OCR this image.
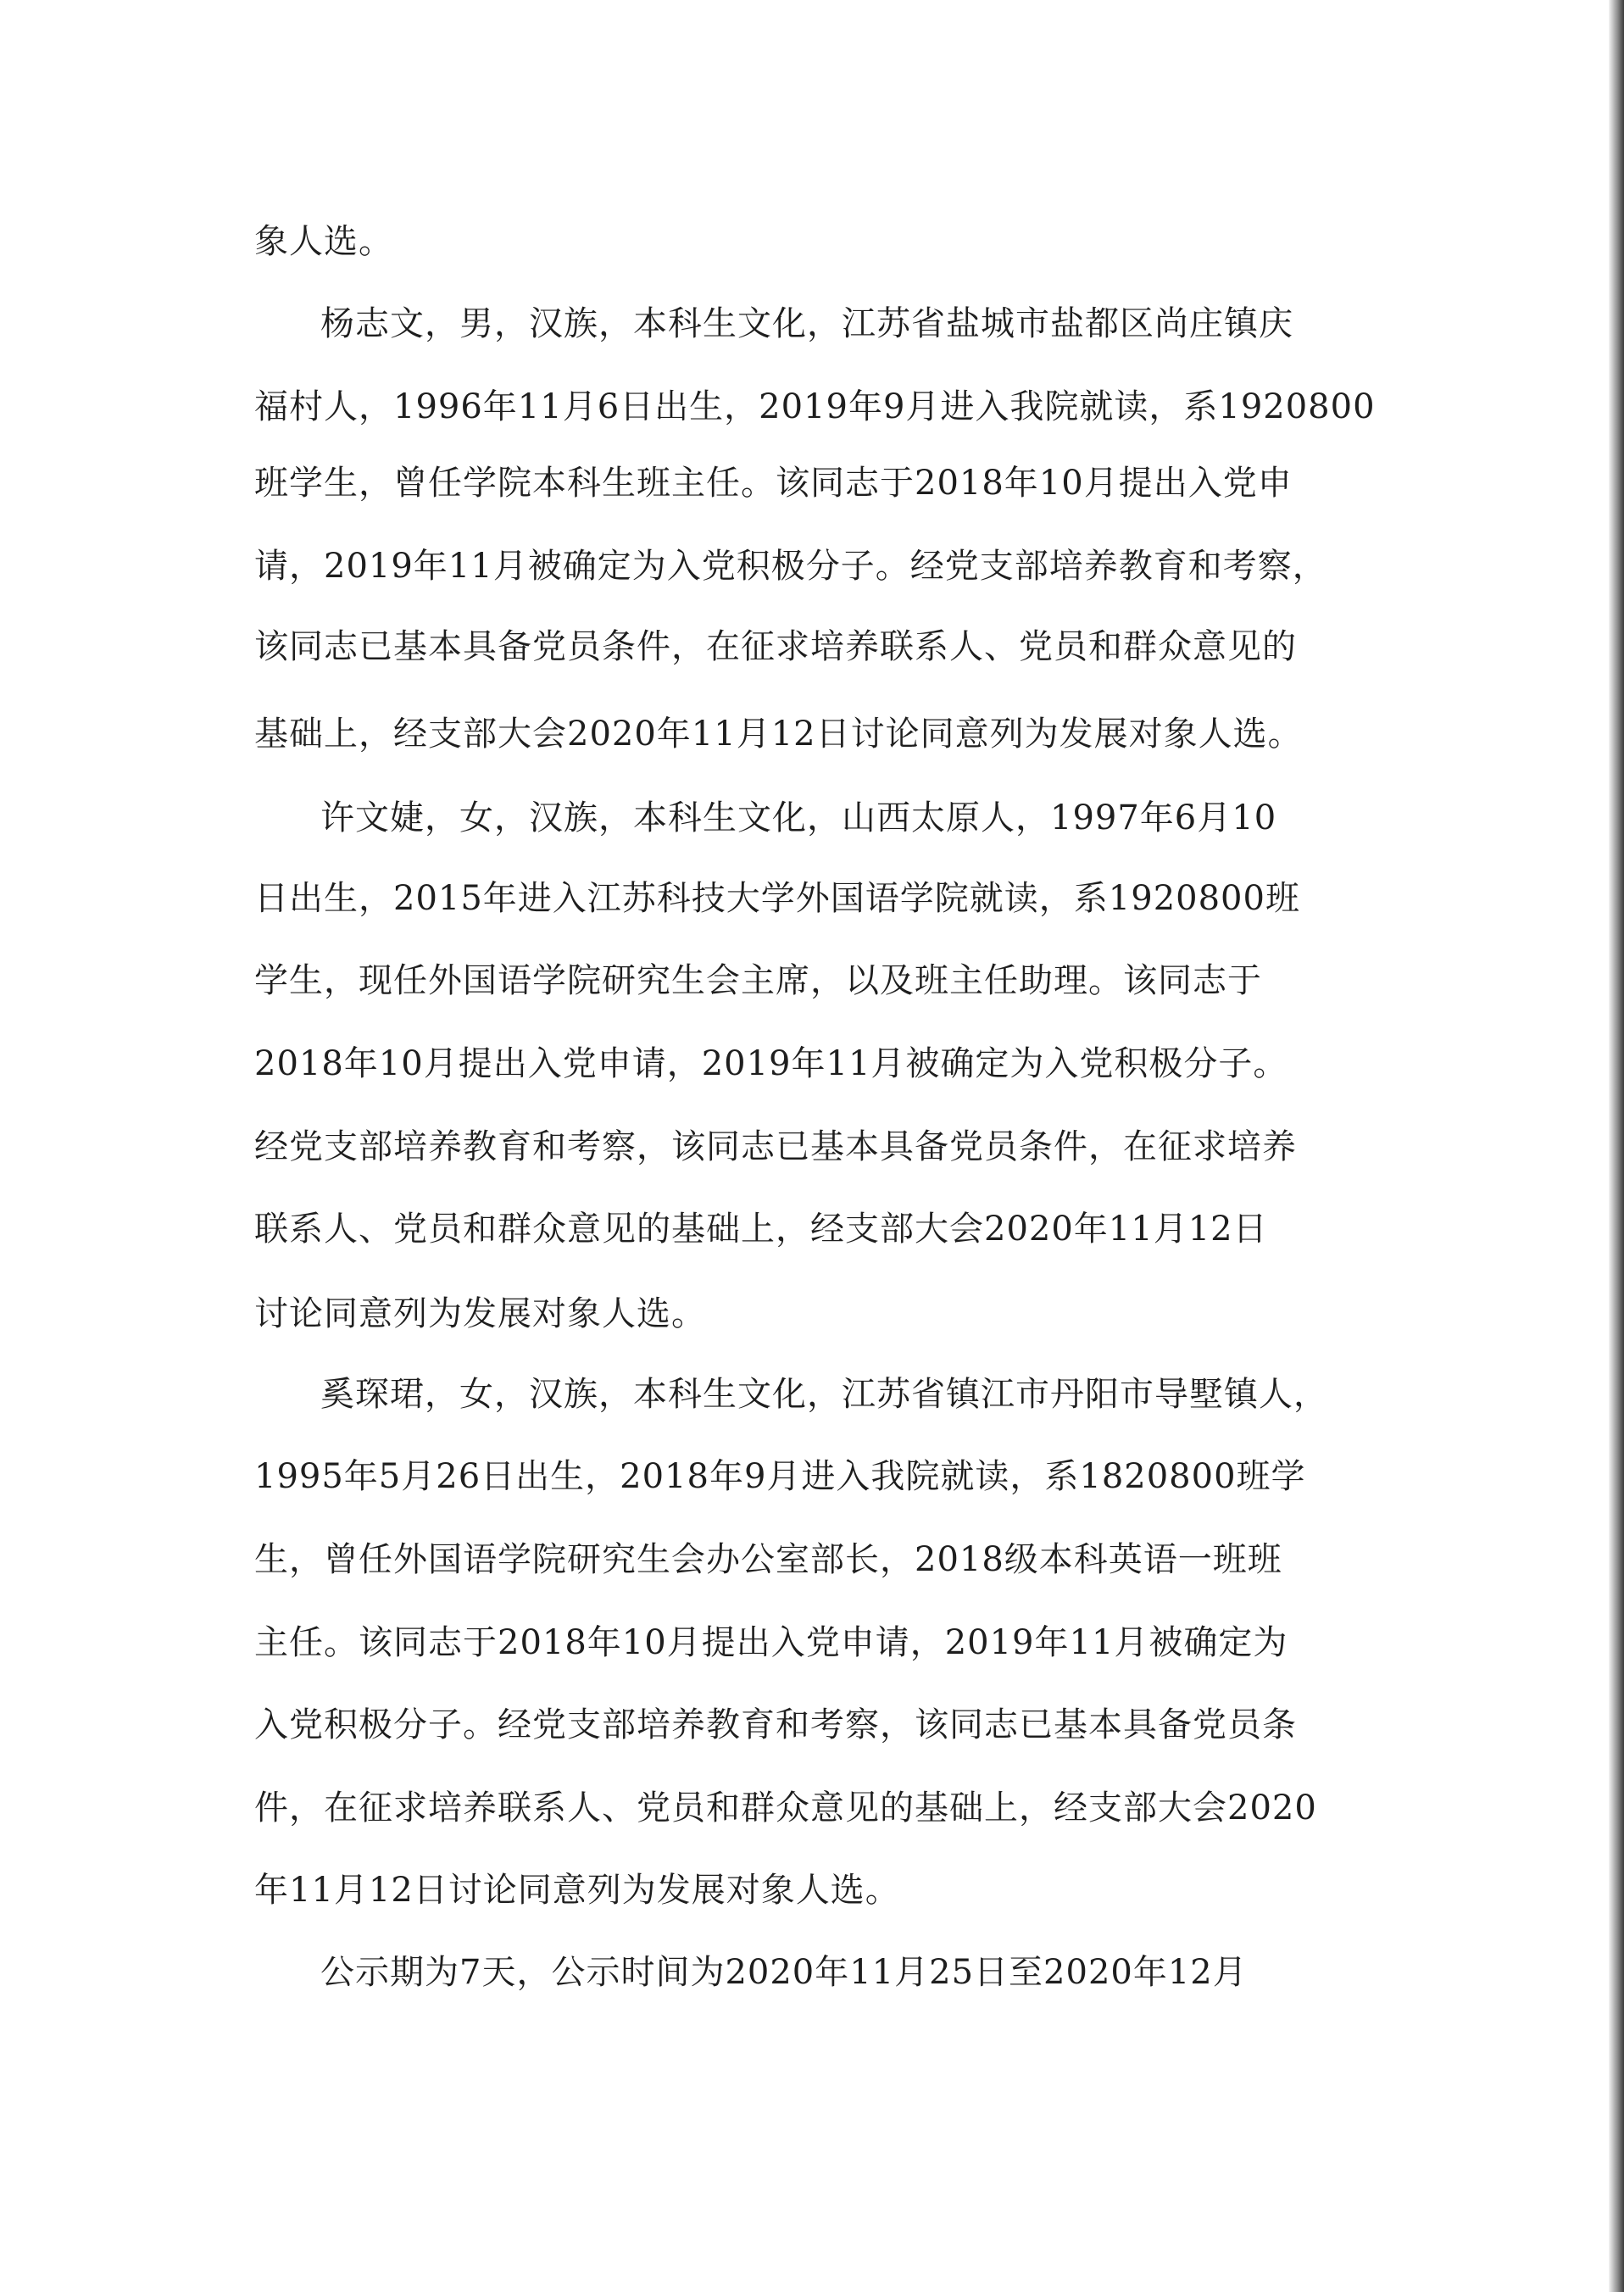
象人选。

杨志文，男，汉族，本科生文化，江苏省盐城市盐都区尚庄镇庆

福村人，1996年11月6日出生，2019年9月进入我院就读，系1920800

班学生，曾任学院本科生班主任。该同志于2018年10月提出入党申

请，2019年11月被确定为入党积极分子。经党支部培养教育和考察，

该同志已基本具备党员条件，在征求培养联系人、党员和群众意见的

基础上，经支部大会2020年11月12日讨论同意列为发展对象人选。

许文婕，女，汉族，本科生文化，山西太原人，1997年6月10

日出生，2015年进入江苏科技大学外国语学院就读，系1920800班

学生，现任外国语学院研究生会主席，以及班主任助理。该同志于

2018年10月提出入党申请，2019年11月被确定为入党积极分子。

经党支部培养教育和考察，该同志已基本具备党员条件，在征求培养

联系人、党员和群众意见的基础上，经支部大会2020年11月12日

讨论同意列为发展对象人选。

奚琛珺，女，汉族，本科生文化，江苏省镇江市丹阳市导墅镇人，

1995年5月26日出生，2018年9月进入我院就读，系1820800班学

生，曾任外国语学院研究生会办公室部长，2018级本科英语一班班

主任。该同志于2018年10月提出入党申请，2019年11月被确定为

入党积极分子。经党支部培养教育和考察，该同志已基本具备党员条

件，在征求培养联系人、党员和群众意见的基础上，经支部大会2020

年11月12日讨论同意列为发展对象人选。

公示期为7天，公示时间为2020年11月25日至2020年12月
